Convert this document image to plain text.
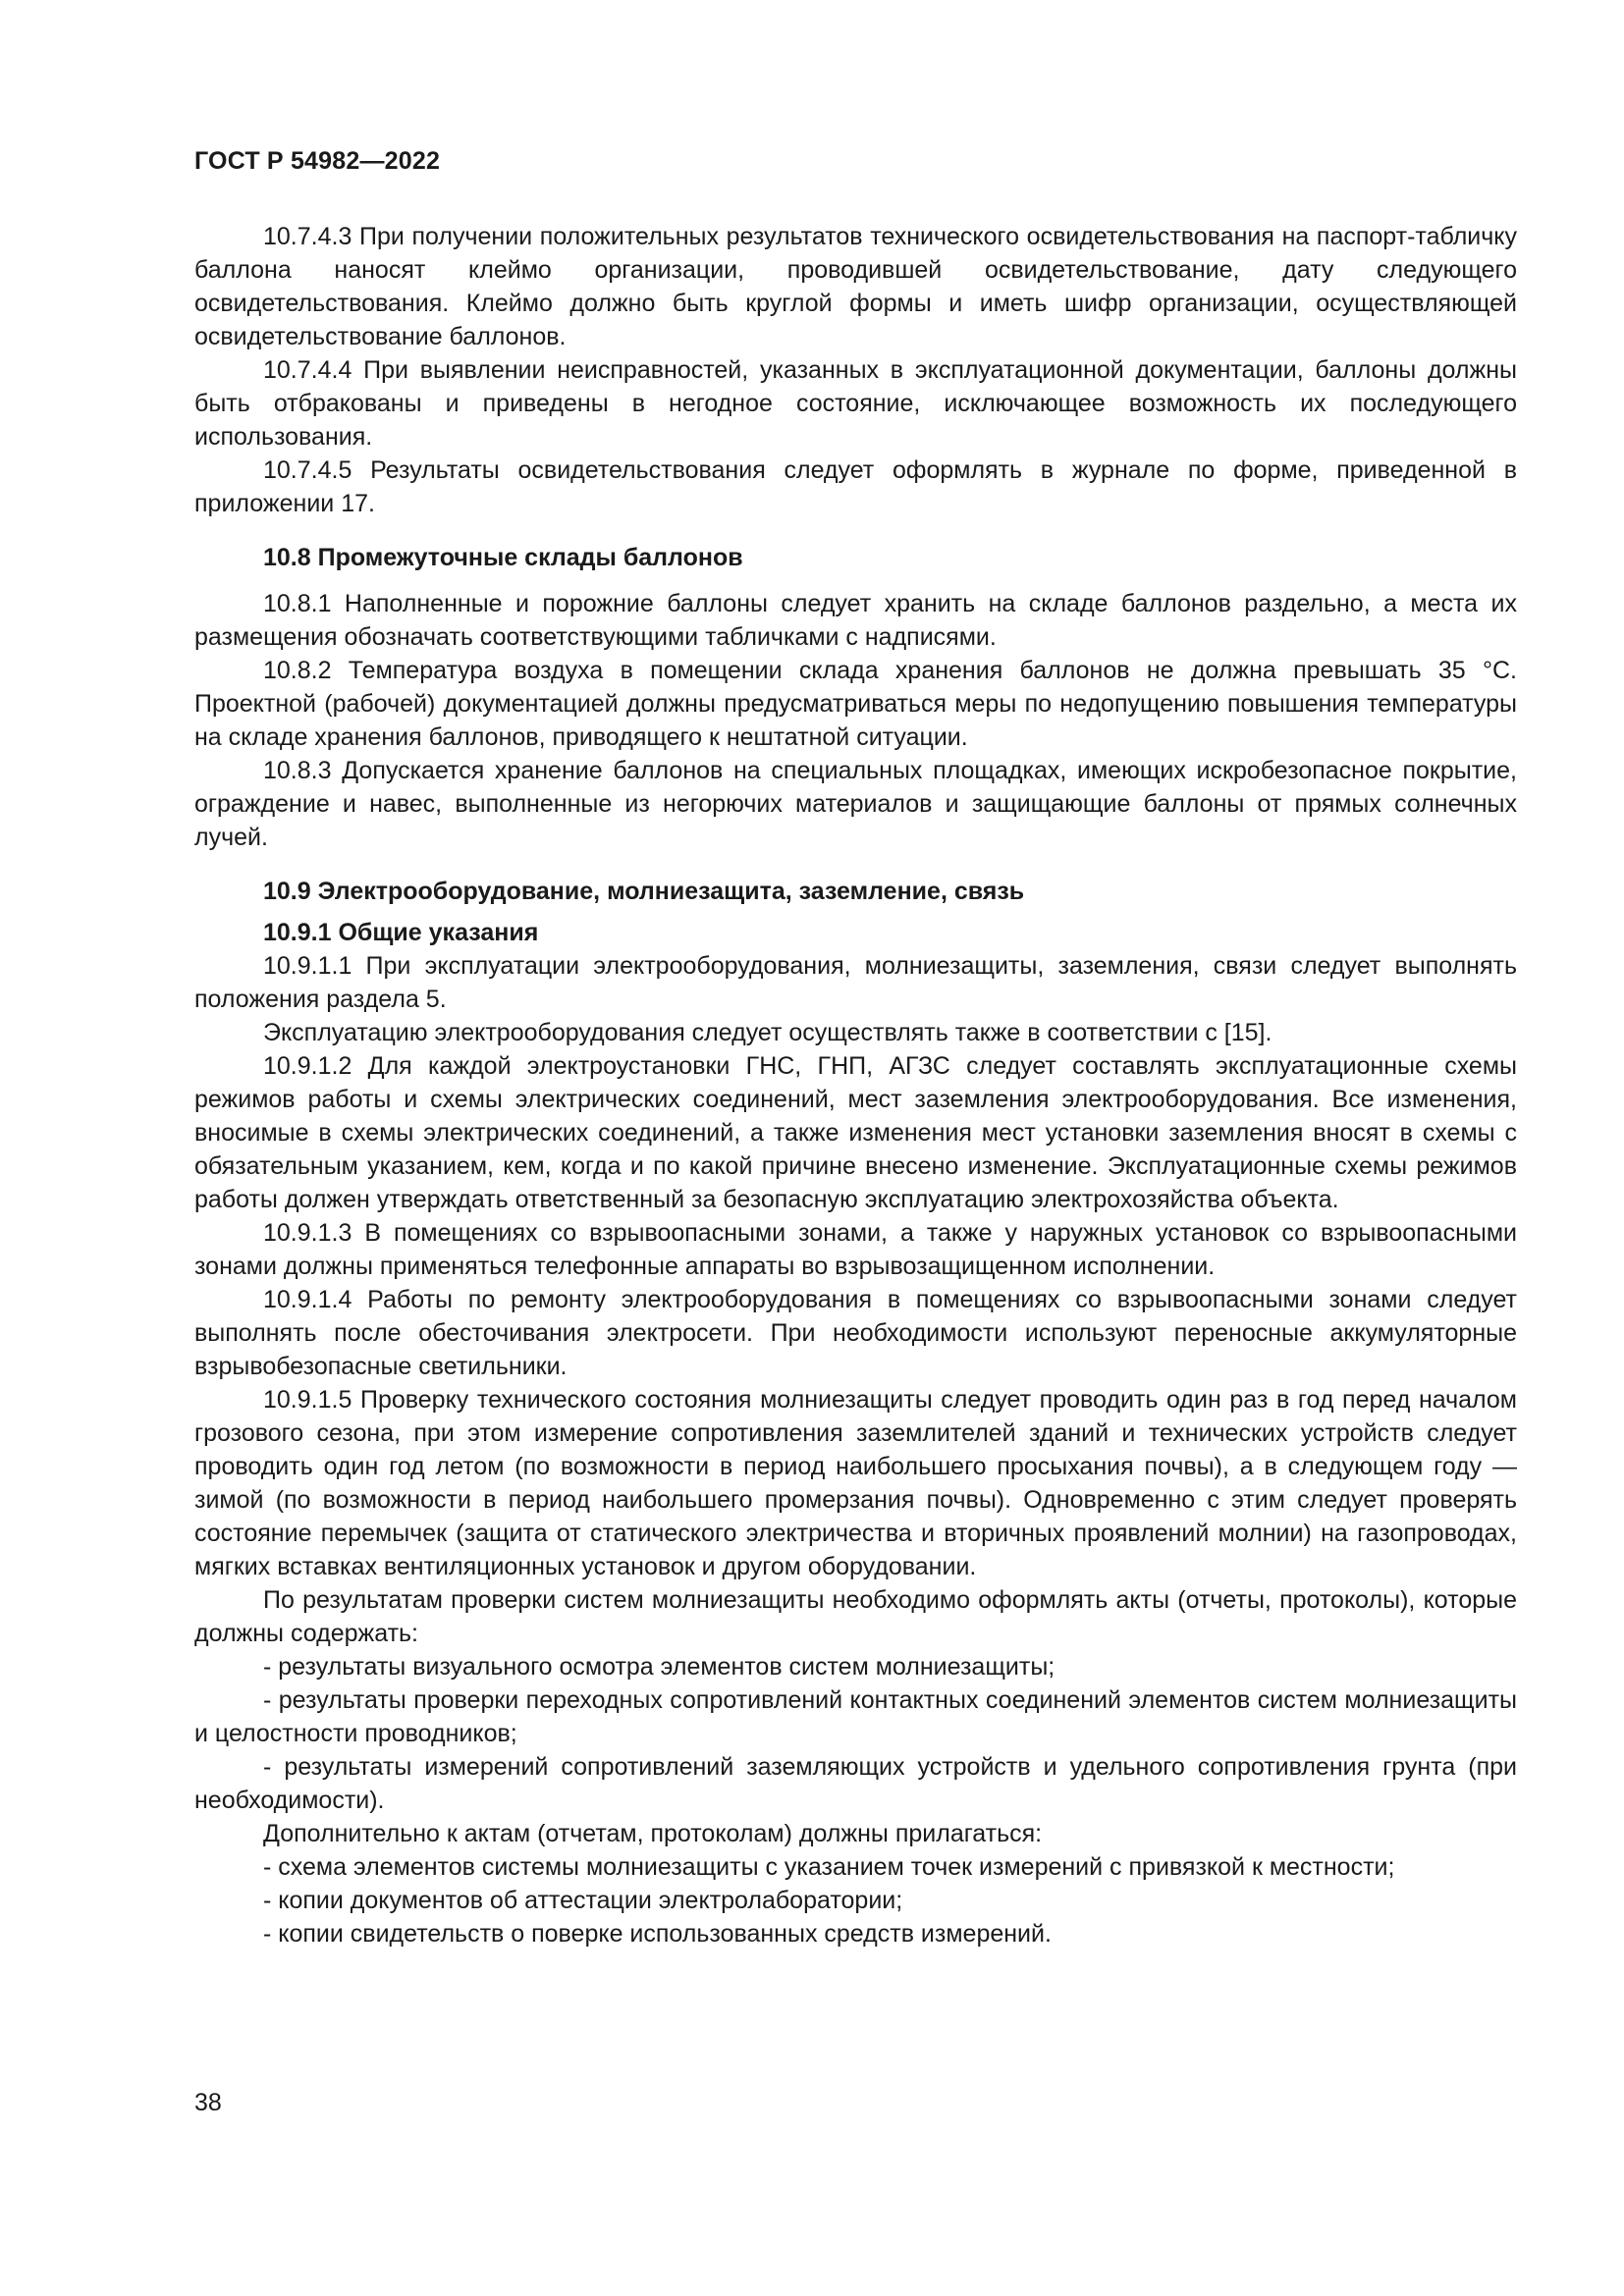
ГОСТ Р 54982—2022

10.7.4.3 При получении положительных результатов технического освидетельствования на паспорт-табличку баллона наносят клеймо организации, проводившей освидетельствование, дату следующего освидетельствования. Клеймо должно быть круглой формы и иметь шифр организации, осуществляющей освидетельствование баллонов.

10.7.4.4 При выявлении неисправностей, указанных в эксплуатационной документации, баллоны должны быть отбракованы и приведены в негодное состояние, исключающее возможность их последующего использования.

10.7.4.5 Результаты освидетельствования следует оформлять в журнале по форме, приведенной в приложении 17.

10.8 Промежуточные склады баллонов

10.8.1 Наполненные и порожние баллоны следует хранить на складе баллонов раздельно, а места их размещения обозначать соответствующими табличками с надписями.

10.8.2 Температура воздуха в помещении склада хранения баллонов не должна превышать 35 °С. Проектной (рабочей) документацией должны предусматриваться меры по недопущению повышения температуры на складе хранения баллонов, приводящего к нештатной ситуации.

10.8.3 Допускается хранение баллонов на специальных площадках, имеющих искробезопасное покрытие, ограждение и навес, выполненные из негорючих материалов и защищающие баллоны от прямых солнечных лучей.

10.9 Электрооборудование, молниезащита, заземление, связь
10.9.1 Общие указания

10.9.1.1 При эксплуатации электрооборудования, молниезащиты, заземления, связи следует выполнять положения раздела 5.

Эксплуатацию электрооборудования следует осуществлять также в соответствии с [15].

10.9.1.2 Для каждой электроустановки ГНС, ГНП, АГЗС следует составлять эксплуатационные схемы режимов работы и схемы электрических соединений, мест заземления электрооборудования. Все изменения, вносимые в схемы электрических соединений, а также изменения мест установки заземления вносят в схемы с обязательным указанием, кем, когда и по какой причине внесено изменение. Эксплуатационные схемы режимов работы должен утверждать ответственный за безопасную эксплуатацию электрохозяйства объекта.

10.9.1.3 В помещениях со взрывоопасными зонами, а также у наружных установок со взрывоопасными зонами должны применяться телефонные аппараты во взрывозащищенном исполнении.

10.9.1.4 Работы по ремонту электрооборудования в помещениях со взрывоопасными зонами следует выполнять после обесточивания электросети. При необходимости используют переносные аккумуляторные взрывобезопасные светильники.

10.9.1.5 Проверку технического состояния молниезащиты следует проводить один раз в год перед началом грозового сезона, при этом измерение сопротивления заземлителей зданий и технических устройств следует проводить один год летом (по возможности в период наибольшего просыхания почвы), а в следующем году — зимой (по возможности в период наибольшего промерзания почвы). Одновременно с этим следует проверять состояние перемычек (защита от статического электричества и вторичных проявлений молнии) на газопроводах, мягких вставках вентиляционных установок и другом оборудовании.

По результатам проверки систем молниезащиты необходимо оформлять акты (отчеты, протоколы), которые должны содержать:

- результаты визуального осмотра элементов систем молниезащиты;

- результаты проверки переходных сопротивлений контактных соединений элементов систем молниезащиты и целостности проводников;

- результаты измерений сопротивлений заземляющих устройств и удельного сопротивления грунта (при необходимости).

Дополнительно к актам (отчетам, протоколам) должны прилагаться:

- схема элементов системы молниезащиты с указанием точек измерений с привязкой к местности;

- копии документов об аттестации электролаборатории;

- копии свидетельств о поверке использованных средств измерений.

38
